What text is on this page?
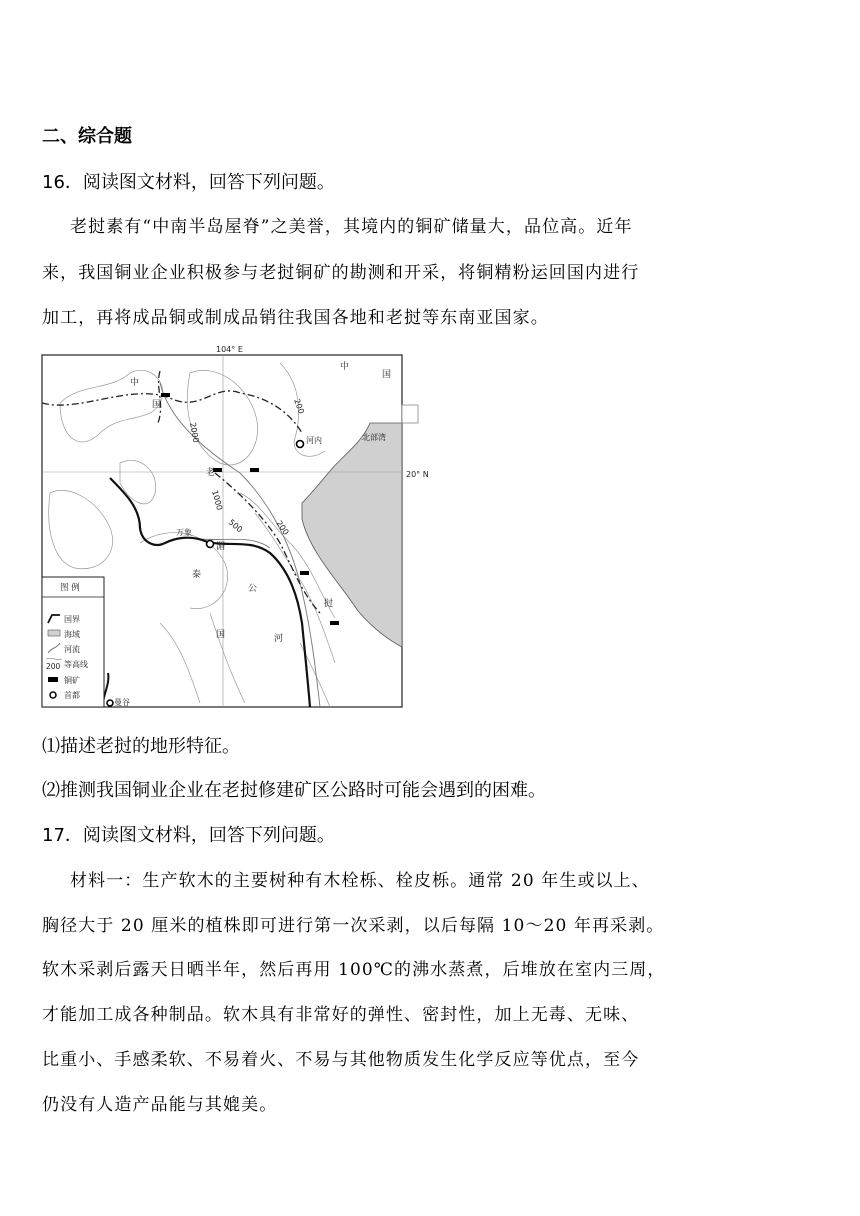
二、综合题
16．阅读图文材料，回答下列问题。
老挝素有“中南半岛屋脊”之美誉，其境内的铜矿储量大，品位高。近年
来，我国铜业企业积极参与老挝铜矿的勘测和开采，将铜精粉运回国内进行
加工，再将成品铜或制成品销往我国各地和老挝等东南亚国家。
104° E
20° N
中
国
中
国
河内	北部湾
万象
曼谷
老
挝
泰
国
湄
公
河
200
2000
1000
500	200
图 例
国界
海域
河流
200 等高线
铜矿
首都
⑴描述老挝的地形特征。
⑵推测我国铜业企业在老挝修建矿区公路时可能会遇到的困难。
17．阅读图文材料，回答下列问题。
材料一：生产软木的主要树种有木栓栎、栓皮栎。通常 20 年生或以上、
胸径大于 20 厘米的植株即可进行第一次采剥，以后每隔 10～20 年再采剥。
软木采剥后露天日晒半年，然后再用 100℃的沸水蒸煮，后堆放在室内三周，
才能加工成各种制品。软木具有非常好的弹性、密封性，加上无毒、无味、
比重小、手感柔软、不易着火、不易与其他物质发生化学反应等优点，至今
仍没有人造产品能与其媲美。
